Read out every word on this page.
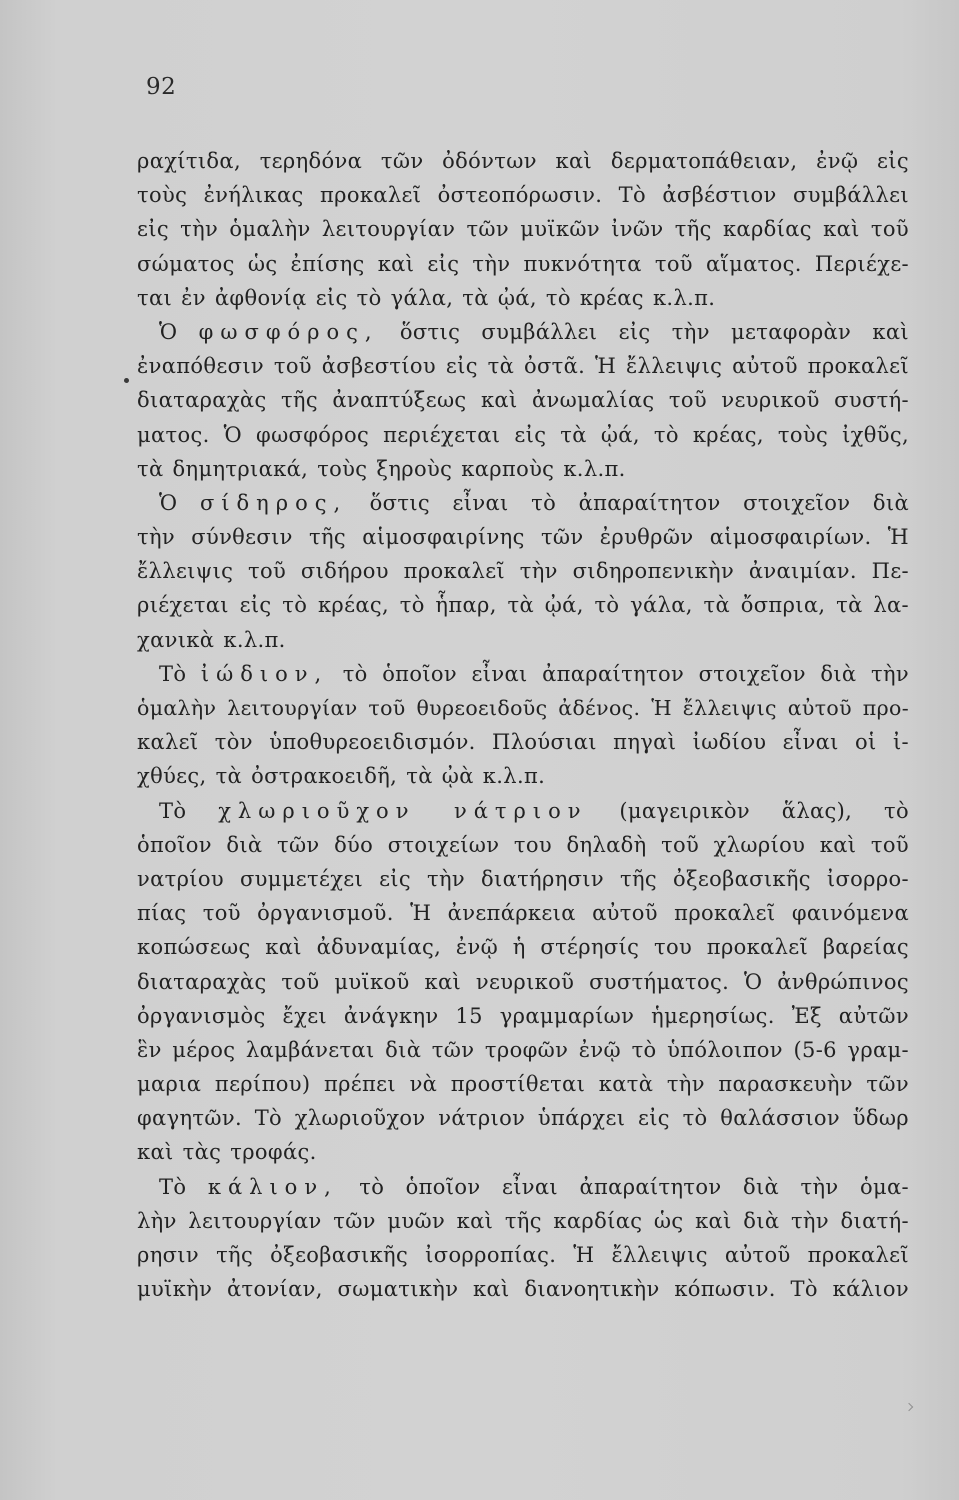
92
ραχίτιδα, τερηδόνα τῶν ὀδόντων καὶ δερματοπάθειαν, ἐνῷ εἰς
τοὺς ἐνήλικας προκαλεῖ ὀστεοπόρωσιν. Τὸ ἀσβέστιον συμβάλλει
εἰς τὴν ὁμαλὴν λειτουργίαν τῶν μυϊκῶν ἰνῶν τῆς καρδίας καὶ τοῦ
σώματος ὡς ἐπίσης καὶ εἰς τὴν πυκνότητα τοῦ αἵματος. Περιέχε-
ται ἐν ἀφθονίᾳ εἰς τὸ γάλα, τὰ ᾠά, τὸ κρέας κ.λ.π.
Ὁ φωσφόρος, ὅστις συμβάλλει εἰς τὴν μεταφορὰν καὶ
ἐναπόθεσιν τοῦ ἀσβεστίου εἰς τὰ ὀστᾶ. Ἡ ἔλλειψις αὐτοῦ προκαλεῖ
διαταραχὰς τῆς ἀναπτύξεως καὶ ἀνωμαλίας τοῦ νευρικοῦ συστή-
ματος. Ὁ φωσφόρος περιέχεται εἰς τὰ ᾠά, τὸ κρέας, τοὺς ἰχθῦς,
τὰ δημητριακά, τοὺς ξηροὺς καρποὺς κ.λ.π.
Ὁ σίδηρος, ὅστις εἶναι τὸ ἀπαραίτητον στοιχεῖον διὰ
τὴν σύνθεσιν τῆς αἱμοσφαιρίνης τῶν ἐρυθρῶν αἱμοσφαιρίων. Ἡ
ἔλλειψις τοῦ σιδήρου προκαλεῖ τὴν σιδηροπενικὴν ἀναιμίαν. Πε-
ριέχεται εἰς τὸ κρέας, τὸ ἧπαρ, τὰ ᾠά, τὸ γάλα, τὰ ὄσπρια, τὰ λα-
χανικὰ κ.λ.π.
Τὸ ἰώδιον, τὸ ὁποῖον εἶναι ἀπαραίτητον στοιχεῖον διὰ τὴν
ὁμαλὴν λειτουργίαν τοῦ θυρεοειδοῦς ἀδένος. Ἡ ἔλλειψις αὐτοῦ προ-
καλεῖ τὸν ὑποθυρεοειδισμόν. Πλούσιαι πηγαὶ ἰωδίου εἶναι οἱ ἰ-
χθύες, τὰ ὀστρακοειδῆ, τὰ ᾠὰ κ.λ.π.
Τὸ χλωριοῦχον νάτριον (μαγειρικὸν ἅλας), τὸ
ὁποῖον διὰ τῶν δύο στοιχείων του δηλαδὴ τοῦ χλωρίου καὶ τοῦ
νατρίου συμμετέχει εἰς τὴν διατήρησιν τῆς ὀξεοβασικῆς ἰσορρο-
πίας τοῦ ὀργανισμοῦ. Ἡ ἀνεπάρκεια αὐτοῦ προκαλεῖ φαινόμενα
κοπώσεως καὶ ἀδυναμίας, ἐνῷ ἡ στέρησίς του προκαλεῖ βαρείας
διαταραχὰς τοῦ μυϊκοῦ καὶ νευρικοῦ συστήματος. Ὁ ἀνθρώπινος
ὀργανισμὸς ἔχει ἀνάγκην 15 γραμμαρίων ἡμερησίως. Ἐξ αὐτῶν
ἓν μέρος λαμβάνεται διὰ τῶν τροφῶν ἐνῷ τὸ ὑπόλοιπον (5-6 γραμ-
μαρια περίπου) πρέπει νὰ προστίθεται κατὰ τὴν παρασκευὴν τῶν
φαγητῶν. Τὸ χλωριοῦχον νάτριον ὑπάρχει εἰς τὸ θαλάσσιον ὕδωρ
καὶ τὰς τροφάς.
Τὸ κάλιον, τὸ ὁποῖον εἶναι ἀπαραίτητον διὰ τὴν ὁμα-
λὴν λειτουργίαν τῶν μυῶν καὶ τῆς καρδίας ὡς καὶ διὰ τὴν διατή-
ρησιν τῆς ὀξεοβασικῆς ἰσορροπίας. Ἡ ἔλλειψις αὐτοῦ προκαλεῖ
μυϊκὴν ἀτονίαν, σωματικὴν καὶ διανοητικὴν κόπωσιν. Τὸ κάλιον
